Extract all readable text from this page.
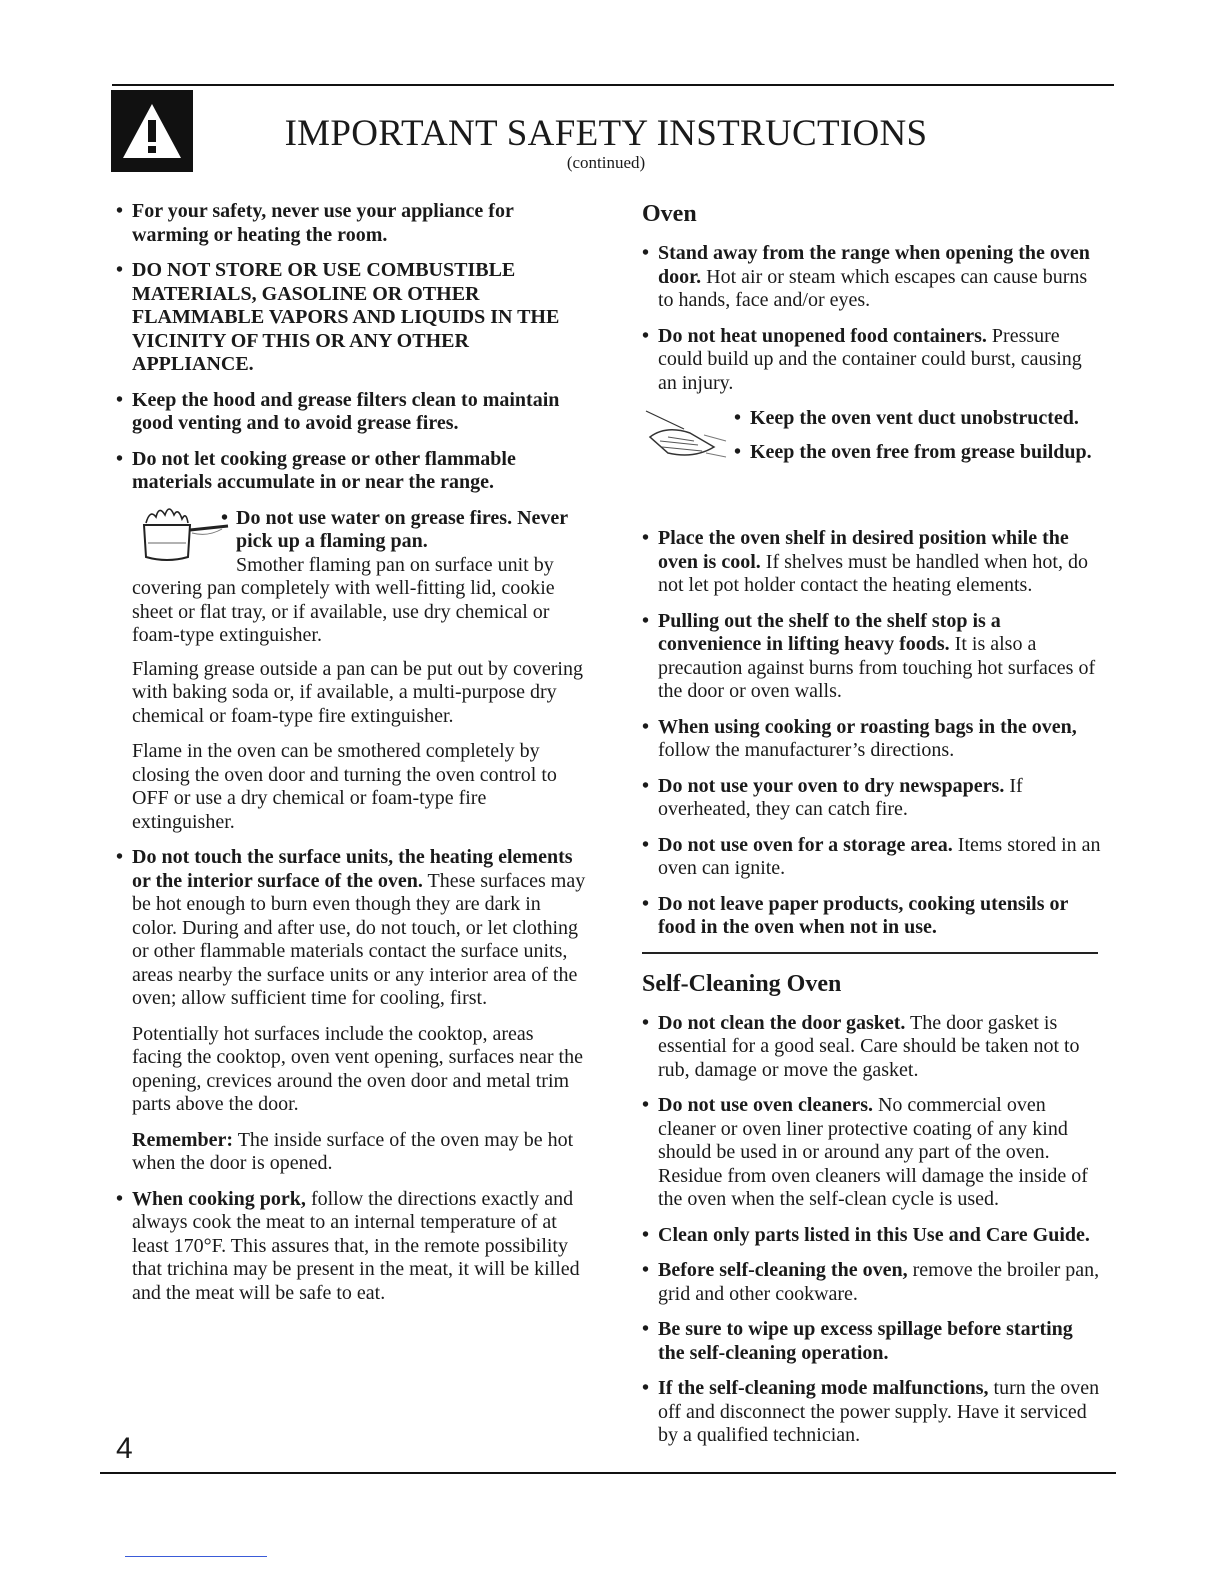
IMPORTANT SAFETY INSTRUCTIONS
(continued)
• For your safety, never use your appliance for warming or heating the room.
• DO NOT STORE OR USE COMBUSTIBLE MATERIALS, GASOLINE OR OTHER FLAMMABLE VAPORS AND LIQUIDS IN THE VICINITY OF THIS OR ANY OTHER APPLIANCE.
• Keep the hood and grease filters clean to maintain good venting and to avoid grease fires.
• Do not let cooking grease or other flammable materials accumulate in or near the range.
• Do not use water on grease fires. Never pick up a flaming pan.
Smother flaming pan on surface unit by covering pan completely with well-fitting lid, cookie sheet or flat tray, or if available, use dry chemical or foam-type extinguisher.

Flaming grease outside a pan can be put out by covering with baking soda or, if available, a multi-purpose dry chemical or foam-type fire extinguisher.

Flame in the oven can be smothered completely by closing the oven door and turning the oven control to OFF or use a dry chemical or foam-type fire extinguisher.

• Do not touch the surface units, the heating elements or the interior surface of the oven. These surfaces may be hot enough to burn even though they are dark in color. During and after use, do not touch, or let clothing or other flammable materials contact the surface units, areas nearby the surface units or any interior area of the oven; allow sufficient time for cooling, first.

Potentially hot surfaces include the cooktop, areas facing the cooktop, oven vent opening, surfaces near the opening, crevices around the oven door and metal trim parts above the door.

Remember: The inside surface of the oven may be hot when the door is opened.

• When cooking pork, follow the directions exactly and always cook the meat to an internal temperature of at least 170°F. This assures that, in the remote possibility that trichina may be present in the meat, it will be killed and the meat will be safe to eat.
Oven
• Stand away from the range when opening the oven door. Hot air or steam which escapes can cause burns to hands, face and/or eyes.
• Do not heat unopened food containers. Pressure could build up and the container could burst, causing an injury.
• Keep the oven vent duct unobstructed.
• Keep the oven free from grease buildup.
• Place the oven shelf in desired position while the oven is cool. If shelves must be handled when hot, do not let pot holder contact the heating elements.
• Pulling out the shelf to the shelf stop is a convenience in lifting heavy foods. It is also a precaution against burns from touching hot surfaces of the door or oven walls.
• When using cooking or roasting bags in the oven, follow the manufacturer’s directions.
• Do not use your oven to dry newspapers. If overheated, they can catch fire.
• Do not use oven for a storage area. Items stored in an oven can ignite.
• Do not leave paper products, cooking utensils or food in the oven when not in use.
Self-Cleaning Oven
• Do not clean the door gasket. The door gasket is essential for a good seal. Care should be taken not to rub, damage or move the gasket.
• Do not use oven cleaners. No commercial oven cleaner or oven liner protective coating of any kind should be used in or around any part of the oven. Residue from oven cleaners will damage the inside of the oven when the self-clean cycle is used.
• Clean only parts listed in this Use and Care Guide.
• Before self-cleaning the oven, remove the broiler pan, grid and other cookware.
• Be sure to wipe up excess spillage before starting the self-cleaning operation.
• If the self-cleaning mode malfunctions, turn the oven off and disconnect the power supply. Have it serviced by a qualified technician.
4
